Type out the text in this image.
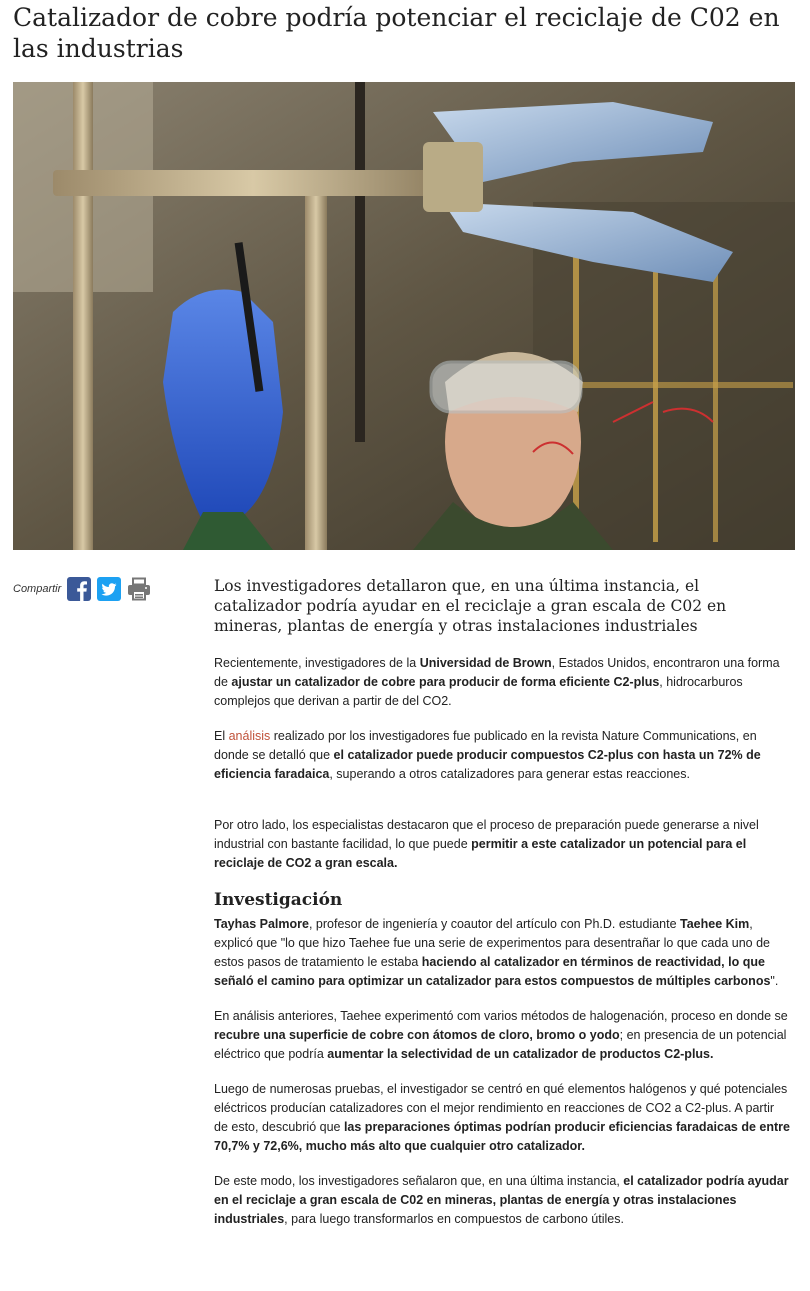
Catalizador de cobre podría potenciar el reciclaje de C02 en las industrias
Compartir	Los investigadores detallaron que, en una última instancia, el catalizador podría ayudar en el reciclaje a gran escala de C02 en mineras, plantas de energía y otras instalaciones industriales

Recientemente, investigadores de la Universidad de Brown, Estados Unidos, encontraron una forma de ajustar un catalizador de cobre para producir de forma eficiente C2-plus, hidrocarburos complejos que derivan a partir de del CO2.

El análisis realizado por los investigadores fue publicado en la revista Nature Communications, en donde se detalló que el catalizador puede producir compuestos C2-plus con hasta un 72% de eficiencia faradaica, superando a otros catalizadores para generar estas reacciones.

Por otro lado, los especialistas destacaron que el proceso de preparación puede generarse a nivel industrial con bastante facilidad, lo que puede permitir a este catalizador un potencial para el reciclaje de CO2 a gran escala.

Investigación

Tayhas Palmore, profesor de ingeniería y coautor del artículo con Ph.D. estudiante Taehee Kim, explicó que "lo que hizo Taehee fue una serie de experimentos para desentrañar lo que cada uno de estos pasos de tratamiento le estaba haciendo al catalizador en términos de reactividad, lo que señaló el camino para optimizar un catalizador para estos compuestos de múltiples carbonos".

En análisis anteriores, Taehee experimentó com varios métodos de halogenación, proceso en donde se recubre una superficie de cobre con átomos de cloro, bromo o yodo; en presencia de un potencial eléctrico que podría aumentar la selectividad de un catalizador de productos C2-plus.

Luego de numerosas pruebas, el investigador se centró en qué elementos halógenos y qué potenciales eléctricos producían catalizadores con el mejor rendimiento en reacciones de CO2 a C2-plus. A partir de esto, descubrió que las preparaciones óptimas podrían producir eficiencias faradaicas de entre 70,7% y 72,6%, mucho más alto que cualquier otro catalizador.

De este modo, los investigadores señalaron que, en una última instancia, el catalizador podría ayudar en el reciclaje a gran escala de C02 en mineras, plantas de energía y otras instalaciones industriales, para luego transformarlos en compuestos de carbono útiles.
